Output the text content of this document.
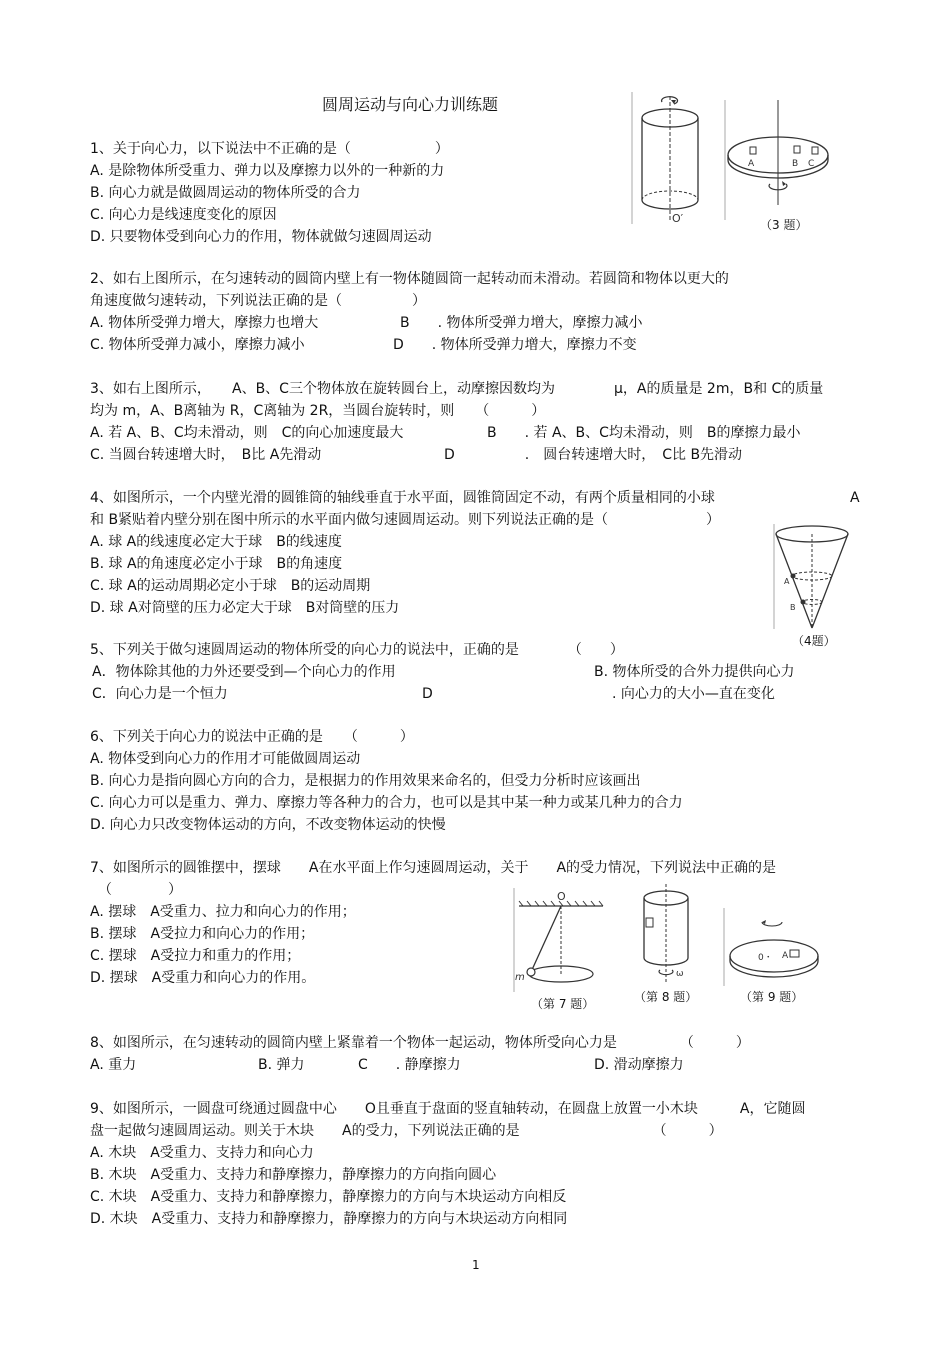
圆周运动与向心力训练题
1、关于向心力，以下说法中不正确的是（　　　　　　）
A. 是除物体所受重力、弹力以及摩擦力以外的一种新的力
B. 向心力就是做圆周运动的物体所受的合力
C. 向心力是线速度变化的原因
D. 只要物体受到向心力的作用，物体就做匀速圆周运动
O′
A	B C
（3 题）
2、如右上图所示，在匀速转动的圆筒内壁上有一物体随圆筒一起转动而未滑动。若圆筒和物体以更大的
角速度做匀速转动，下列说法正确的是（　　　　　）
A. 物体所受弹力增大，摩擦力也增大	B　　. 物体所受弹力增大，摩擦力减小
C. 物体所受弹力减小，摩擦力减小	D　　. 物体所受弹力增大，摩擦力不变
3、如右上图所示， A、B、C三个物体放在旋转圆台上，动摩擦因数均为	μ，A的质量是 2m，B和 C的质量
均为 m，A、B离轴为 R，C离轴为 2R，当圆台旋转时，则　　（　　　）
A. 若 A、B、C均未滑动，则　C的向心加速度最大	B　　. 若 A、B、C均未滑动，则　B的摩擦力最小
C. 当圆台转速增大时，　B比 A先滑动	D　　　　　.　圆台转速增大时，　C比 B先滑动
4、如图所示，一个内壁光滑的圆锥筒的轴线垂直于水平面，圆锥筒固定不动，有两个质量相同的小球	A
和 B紧贴着内壁分别在图中所示的水平面内做匀速圆周运动。则下列说法正确的是（　　　　　　　）
A. 球 A的线速度必定大于球　B的线速度
B. 球 A的角速度必定小于球　B的角速度
C. 球 A的运动周期必定小于球　B的运动周期
D. 球 A对筒壁的压力必定大于球　B对筒壁的压力
A
B
（4题）
5、下列关于做匀速圆周运动的物体所受的向心力的说法中，正确的是　　　　（　　）
A．物体除其他的力外还要受到—个向心力的作用	B. 物体所受的合外力提供向心力
C．向心力是一个恒力	D	. 向心力的大小—直在变化
6、下列关于向心力的说法中正确的是　　（　　　）
A. 物体受到向心力的作用才可能做圆周运动
B. 向心力是指向圆心方向的合力，是根据力的作用效果来命名的，但受力分析时应该画出
C. 向心力可以是重力、弹力、摩擦力等各种力的合力，也可以是其中某一种力或某几种力的合力
D. 向心力只改变物体运动的方向，不改变物体运动的快慢
7、如图所示的圆锥摆中，摆球　　A在水平面上作匀速圆周运动，关于　　A的受力情况，下列说法中正确的是
（　　　　）
A. 摆球　A受重力、拉力和向心力的作用；
B. 摆球　A受拉力和向心力的作用；
C. 摆球　A受拉力和重力的作用；
D. 摆球　A受重力和向心力的作用。
O
m
（第 7 题）
ω
（第 8 题）
0・ A
（第 9 题）
8、如图所示，在匀速转动的圆筒内壁上紧靠着一个物体一起运动，物体所受向心力是　　　　　（　　　）
A. 重力	B. 弹力	C　　. 静摩擦力	D. 滑动摩擦力
9、如图所示，一圆盘可绕通过圆盘中心　　O且垂直于盘面的竖直轴转动，在圆盘上放置一小木块　　　A，它随圆
盘一起做匀速圆周运动。则关于木块　　A的受力，下列说法正确的是　　　　　　　　　　（　　　）
A. 木块　A受重力、支持力和向心力
B. 木块　A受重力、支持力和静摩擦力，静摩擦力的方向指向圆心
C. 木块　A受重力、支持力和静摩擦力，静摩擦力的方向与木块运动方向相反
D. 木块　A受重力、支持力和静摩擦力，静摩擦力的方向与木块运动方向相同
1
